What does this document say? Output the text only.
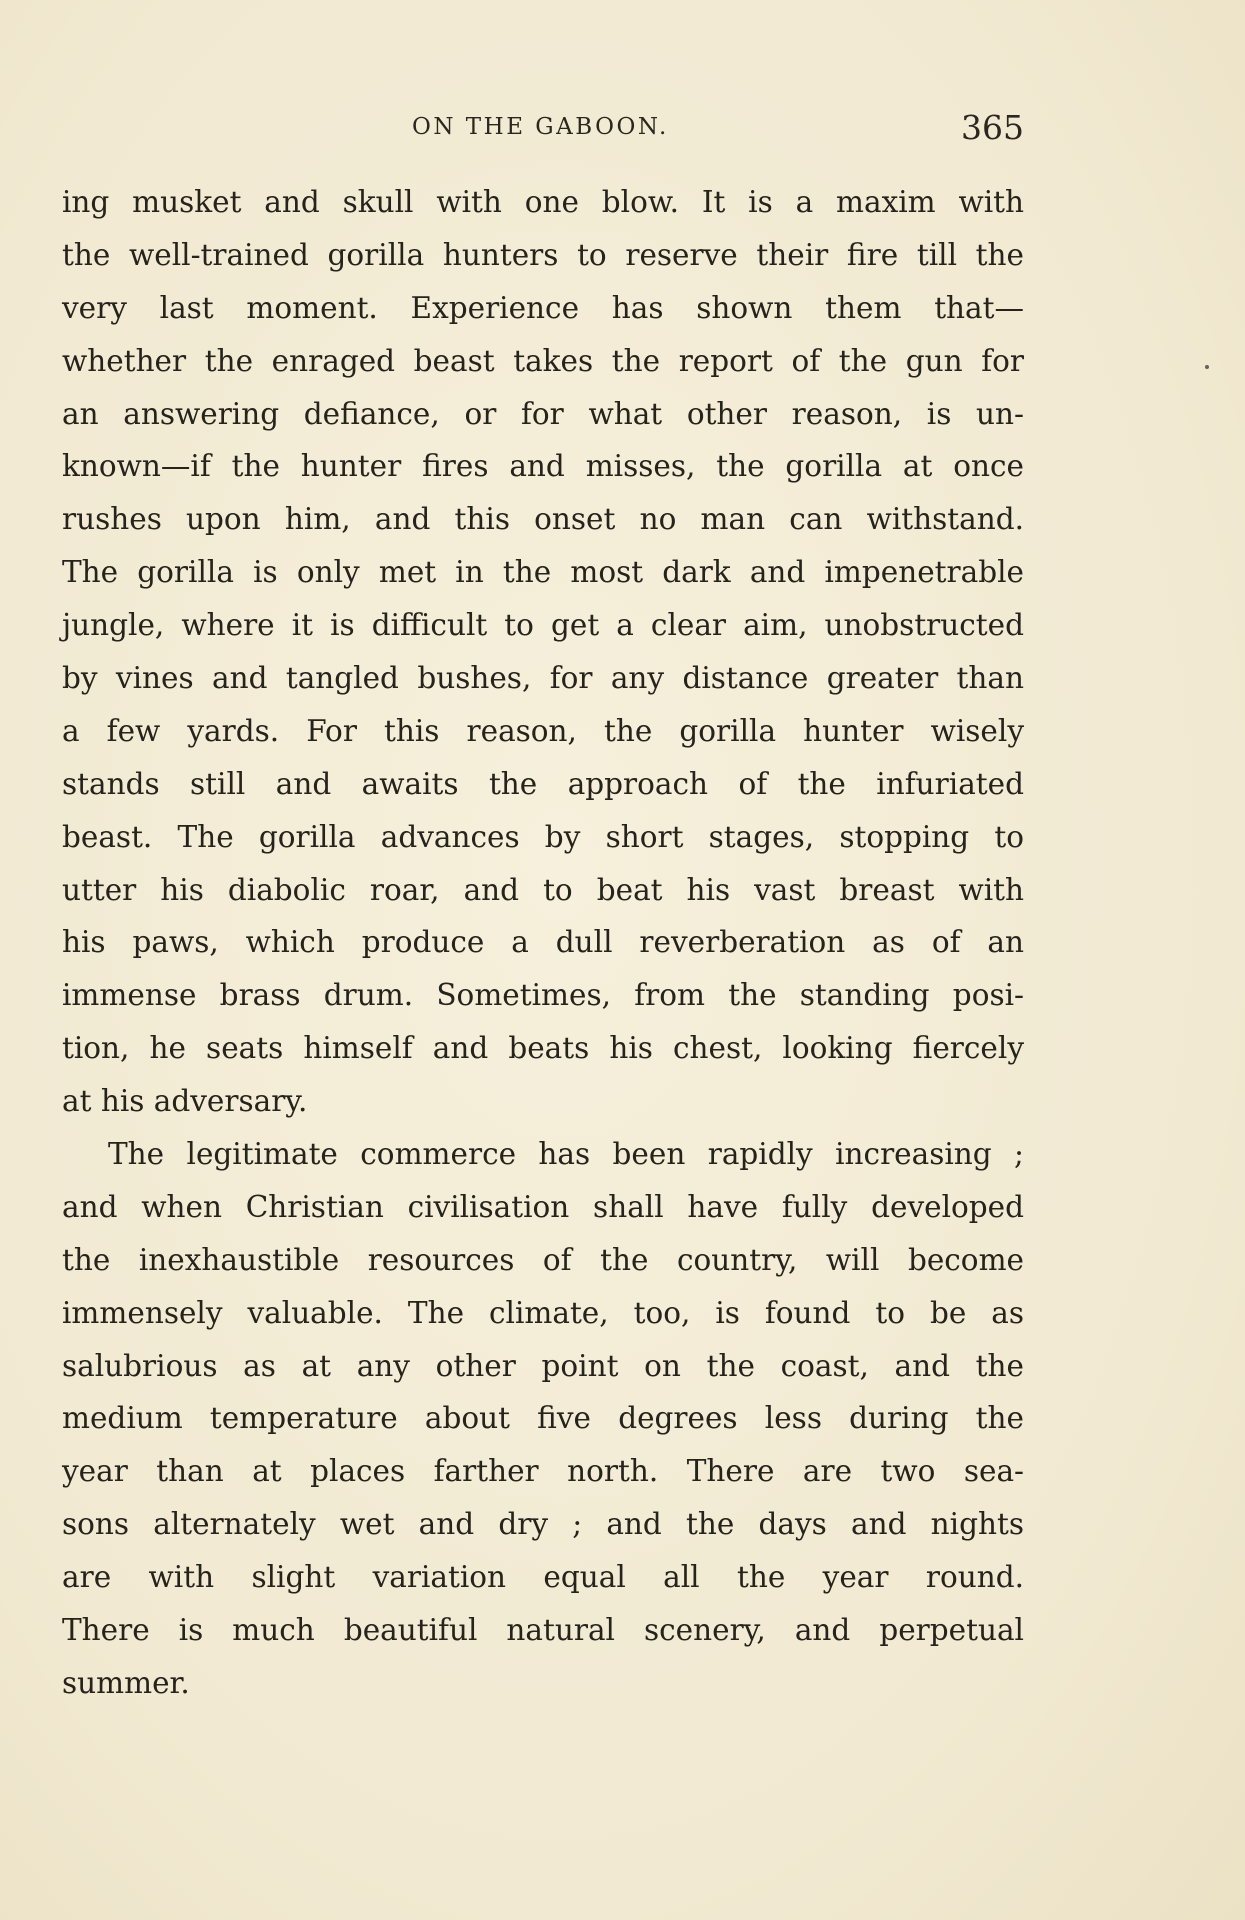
ON THE GABOON.	365
ing musket and skull with one blow. It is a maxim with
the well-trained gorilla hunters to reserve their fire till the
very last moment. Experience has shown them that—
whether the enraged beast takes the report of the gun for
an answering defiance, or for what other reason, is un-
known—if the hunter fires and misses, the gorilla at once
rushes upon him, and this onset no man can withstand.
The gorilla is only met in the most dark and impenetrable
jungle, where it is difficult to get a clear aim, unobstructed
by vines and tangled bushes, for any distance greater than
a few yards. For this reason, the gorilla hunter wisely
stands still and awaits the approach of the infuriated
beast. The gorilla advances by short stages, stopping to
utter his diabolic roar, and to beat his vast breast with
his paws, which produce a dull reverberation as of an
immense brass drum. Sometimes, from the standing posi-
tion, he seats himself and beats his chest, looking fiercely
at his adversary.
The legitimate commerce has been rapidly increasing ;
and when Christian civilisation shall have fully developed
the inexhaustible resources of the country, will become
immensely valuable. The climate, too, is found to be as
salubrious as at any other point on the coast, and the
medium temperature about five degrees less during the
year than at places farther north. There are two sea-
sons alternately wet and dry ; and the days and nights
are with slight variation equal all the year round.
There is much beautiful natural scenery, and perpetual
summer.
